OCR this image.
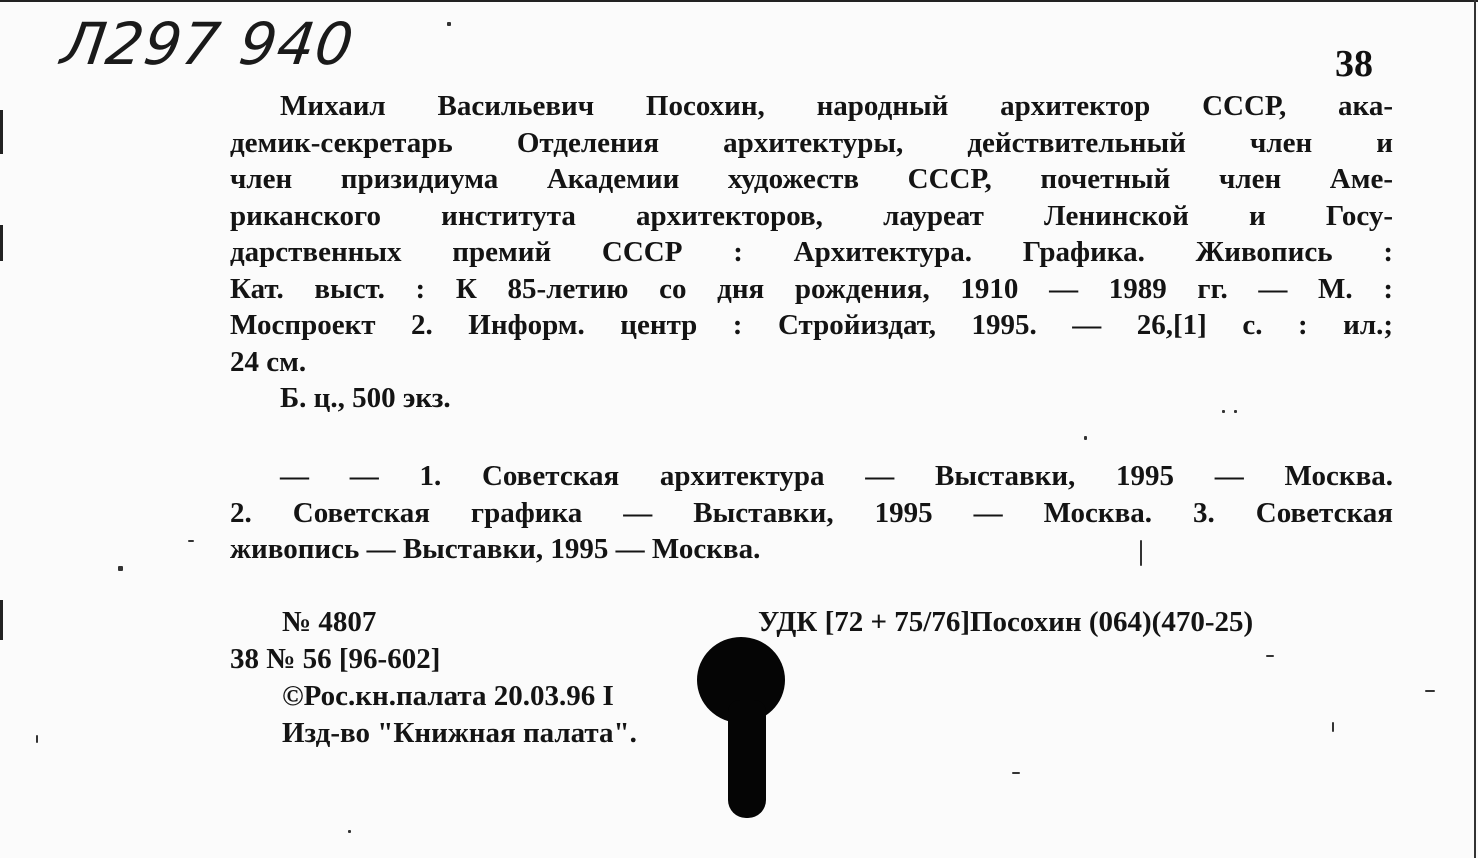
Л297 940	38
Михаил Васильевич Посохин, народный архитектор СССР, ака-
демик-секретарь Отделения архитектуры, действительный член и
член призидиума Академии художеств СССР, почетный член Аме-
риканского института архитекторов, лауреат Ленинской и Госу-
дарственных премий СССР : Архитектура. Графика. Живопись :
Кат. выст. : К 85-летию со дня рождения, 1910 — 1989 гг. — М. :
Моспроект 2. Информ. центр : Стройиздат, 1995. — 26,[1] с. : ил.;
24 см.
Б. ц., 500 экз.
— — 1. Советская архитектура — Выставки, 1995 — Москва.
2. Советская графика — Выставки, 1995 — Москва. 3. Советская
живопись — Выставки, 1995 — Москва.
№ 4807	УДК [72 + 75/76]Посохин (064)(470-25)
38 № 56 [96-602]
©Рос.кн.палата 20.03.96 I
Изд-во "Книжная палата".
